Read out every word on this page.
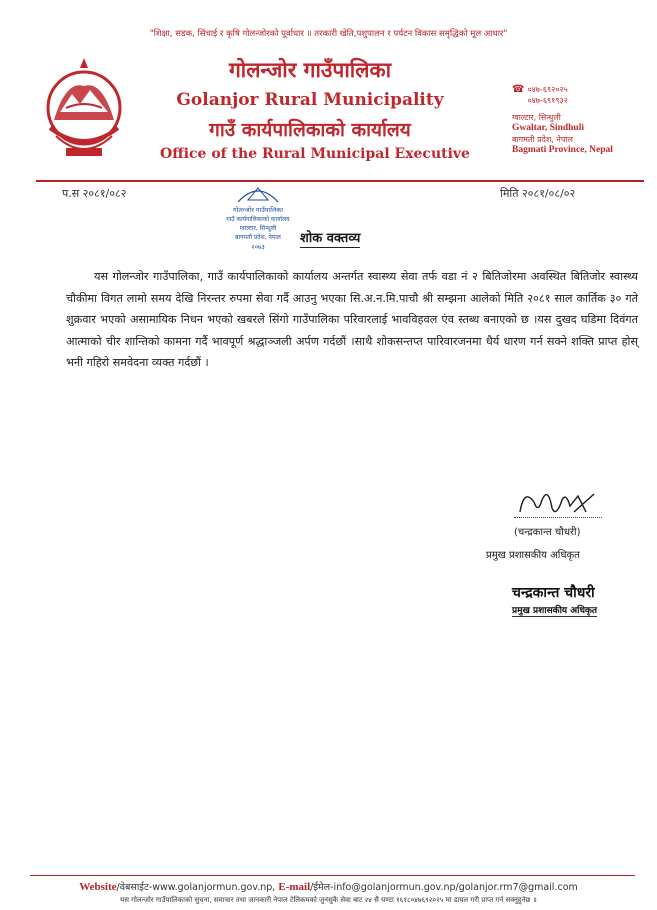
"शिक्षा, सडक, सिंचाई र कृषि गोलन्जोरको पूर्वाधार ॥ तरकारी खेति,पशुपालन र पर्यटन विकास समृद्धिको मूल आधार"
गोलन्जोर गाउँपालिका
Golanjor Rural Municipality
गाउँ कार्यपालिकाको कार्यालय
Office of the Rural Municipal Executive
☎ ०४७-६९२०२५
०४७-६९१९३२
ग्वाल्टार, सिन्धुली
Gwaltar, Sindhuli
बागमती प्रदेश, नेपाल
Bagmati Province, Nepal
प.स २०८१/०८२	मिति २०८१/०८/०२
गोलन्जोर गाउँपालिका
गाउँ कार्यपालिकाको कार्यालय
ग्वाल्टार, सिन्धुली
बागमती प्रदेश, नेपाल
२०७३
शोक वक्तव्य
यस गोलन्जोर गाउँपालिका, गाउँ कार्यपालिकाको कार्यालय अन्तर्गत स्वास्थ्य सेवा तर्फ वडा नं २ बितिजोरमा अवस्थित बितिजोर स्वास्थ्य चौकीमा विगत लामो समय देखि निरन्तर रुपमा सेवा गर्दै आउनु भएका सि.अ.न.मि.पाचौ श्री सम्झना आलेको मिति २०८१ साल कार्तिक ३० गते शुक्रवार भएको असामायिक निधन भएको खबरले सिंगो गाउँपालिका परिवारलाई भावविहवल एंव स्तब्ध बनाएको छ ।यस दुखद घडिमा दिवंगत आत्माको चीर शान्तिको कामना गर्दै भावपूर्ण श्रद्धाञ्जली अर्पण गर्दछौं ।साथै शोकसन्तप्त पारिवारजनमा धैर्य धारण गर्न सक्ने शक्ति प्राप्त होस् भनी गहिरो समवेदना व्यक्त गर्दछौं ।
(चन्द्रकान्त चौधरी)
प्रमुख प्रशासकीय अधिकृत
चन्द्रकान्त चौधरी
प्रमुख प्रशासकीय अधिकृत
Website/वेबसाईट-www.golanjormun.gov.np, E-mail/ईमेल-info@golanjormun.gov.np/golanjor.rm7@gmail.com
यस गोलन्जोर गाउँपालिकाको सुचना, समाचार तथा जानकारी नेपाल टेलिकमको जुनसुकै सेवा बाट २४ सै घण्टा १६१८०४७६९२०२५ मा डायल गरी प्राप्त गर्न सक्नुहुनेछ ॥
